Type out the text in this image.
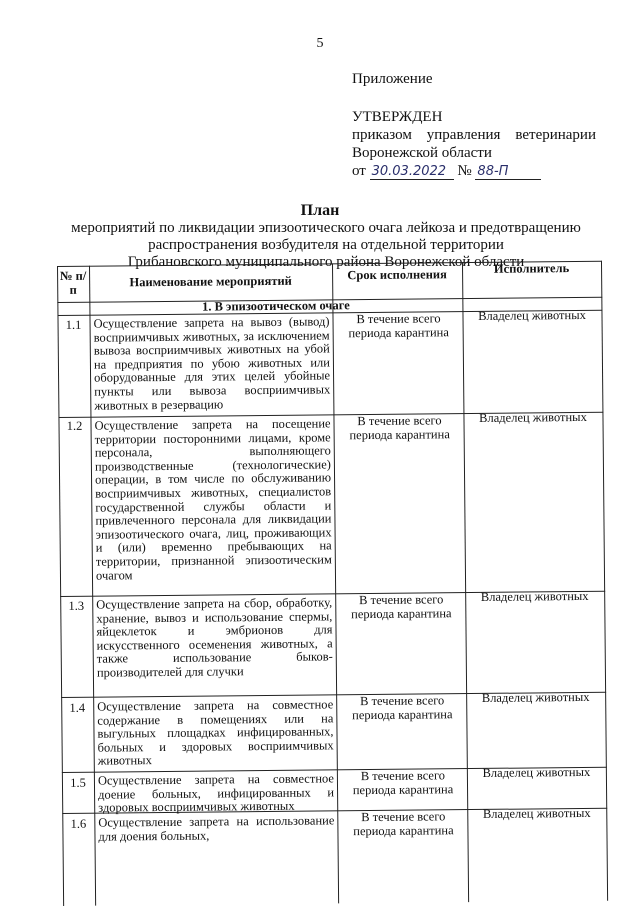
5
Приложение
УТВЕРЖДЕН
приказом управления ветеринарии
Воронежской области
от 30.03.2022 № 88-П
План
мероприятий по ликвидации эпизоотического очага лейкоза и предотвращению
распространения возбудителя на отдельной территории
Грибановского муниципального района Воронежской области
№ п/п
Наименование мероприятий	Срок исполнения	Исполнитель
1. В эпизоотическом очаге
1.1 Осуществление запрета на вывоз (вывод) восприимчивых животных, за исключением вывоза восприимчивых животных на убой на предприятия по убою животных или оборудованные для этих целей убойные пункты или вывоза восприимчивых животных в резервацию
В течение всего периода карантина
Владелец животных
1.2 Осуществление запрета на посещение территории посторонними лицами, кроме персонала, выполняющего производственные (технологические) операции, в том числе по обслуживанию восприимчивых животных, специалистов государственной службы области и привлеченного персонала для ликвидации эпизоотического очага, лиц, проживающих и (или) временно пребывающих на территории, признанной эпизоотическим очагом
В течение всего периода карантина
Владелец животных
1.3 Осуществление запрета на сбор, обработку, хранение, вывоз и использование спермы, яйцеклеток и эмбрионов для искусственного осеменения животных, а также использование быков-производителей для случки
В течение всего периода карантина
Владелец животных
1.4 Осуществление запрета на совместное содержание в помещениях или на выгульных площадках инфицированных, больных и здоровых восприимчивых животных
В течение всего периода карантина
Владелец животных
1.5 Осуществление запрета на совместное доение больных, инфицированных и здоровых восприимчивых животных
В течение всего периода карантина
Владелец животных
1.6 Осуществление запрета на использование для доения больных,
В течение всего периода карантина
Владелец животных
